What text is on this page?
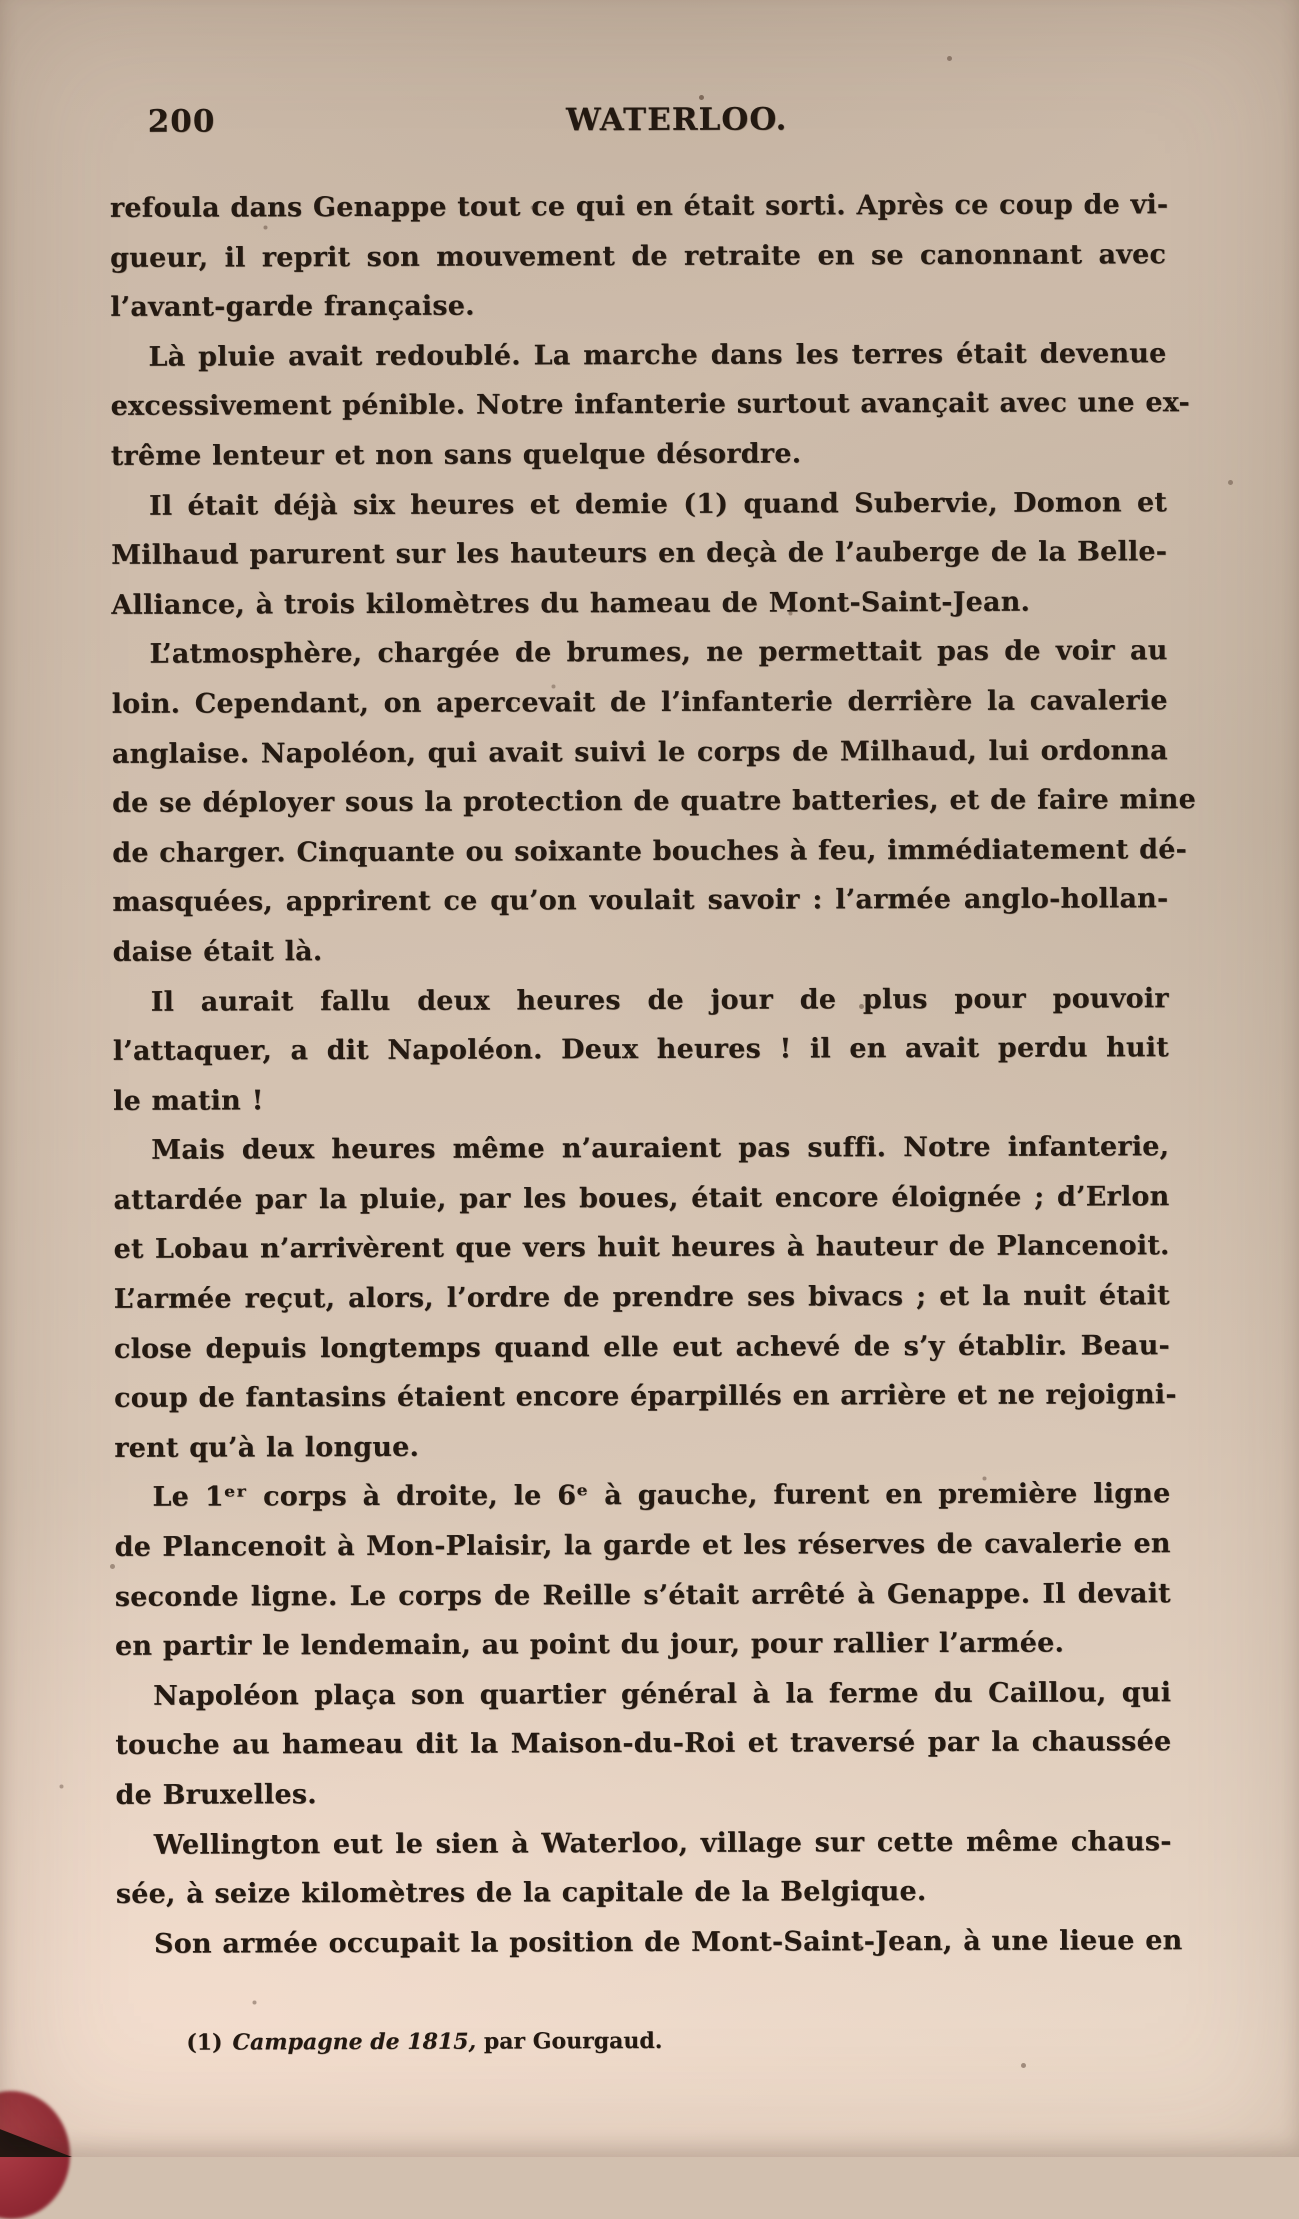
200	WATERLOO.
refoula dans Genappe tout ce qui en était sorti. Après ce coup de vi-
gueur, il reprit son mouvement de retraite en se canonnant avec
l’avant-garde française.
Là pluie avait redoublé. La marche dans les terres était devenue
excessivement pénible. Notre infanterie surtout avançait avec une ex-
trême lenteur et non sans quelque désordre.
Il était déjà six heures et demie (1) quand Subervie, Domon et
Milhaud parurent sur les hauteurs en deçà de l’auberge de la Belle-
Alliance, à trois kilomètres du hameau de Mont-Saint-Jean.
L’atmosphère, chargée de brumes, ne permettait pas de voir au
loin. Cependant, on apercevait de l’infanterie derrière la cavalerie
anglaise. Napoléon, qui avait suivi le corps de Milhaud, lui ordonna
de se déployer sous la protection de quatre batteries, et de faire mine
de charger. Cinquante ou soixante bouches à feu, immédiatement dé-
masquées, apprirent ce qu’on voulait savoir : l’armée anglo-hollan-
daise était là.
Il aurait fallu deux heures de jour de plus pour pouvoir
l’attaquer, a dit Napoléon. Deux heures ! il en avait perdu huit
le matin !
Mais deux heures même n’auraient pas suffi. Notre infanterie,
attardée par la pluie, par les boues, était encore éloignée ; d’Erlon
et Lobau n’arrivèrent que vers huit heures à hauteur de Plancenoit.
L’armée reçut, alors, l’ordre de prendre ses bivacs ; et la nuit était
close depuis longtemps quand elle eut achevé de s’y établir. Beau-
coup de fantasins étaient encore éparpillés en arrière et ne rejoigni-
rent qu’à la longue.
Le 1ᵉʳ corps à droite, le 6ᵉ à gauche, furent en première ligne
de Plancenoit à Mon-Plaisir, la garde et les réserves de cavalerie en
seconde ligne. Le corps de Reille s’était arrêté à Genappe. Il devait
en partir le lendemain, au point du jour, pour rallier l’armée.
Napoléon plaça son quartier général à la ferme du Caillou, qui
touche au hameau dit la Maison-du-Roi et traversé par la chaussée
de Bruxelles.
Wellington eut le sien à Waterloo, village sur cette même chaus-
sée, à seize kilomètres de la capitale de la Belgique.
Son armée occupait la position de Mont-Saint-Jean, à une lieue en
(1) Campagne de 1815, par Gourgaud.
